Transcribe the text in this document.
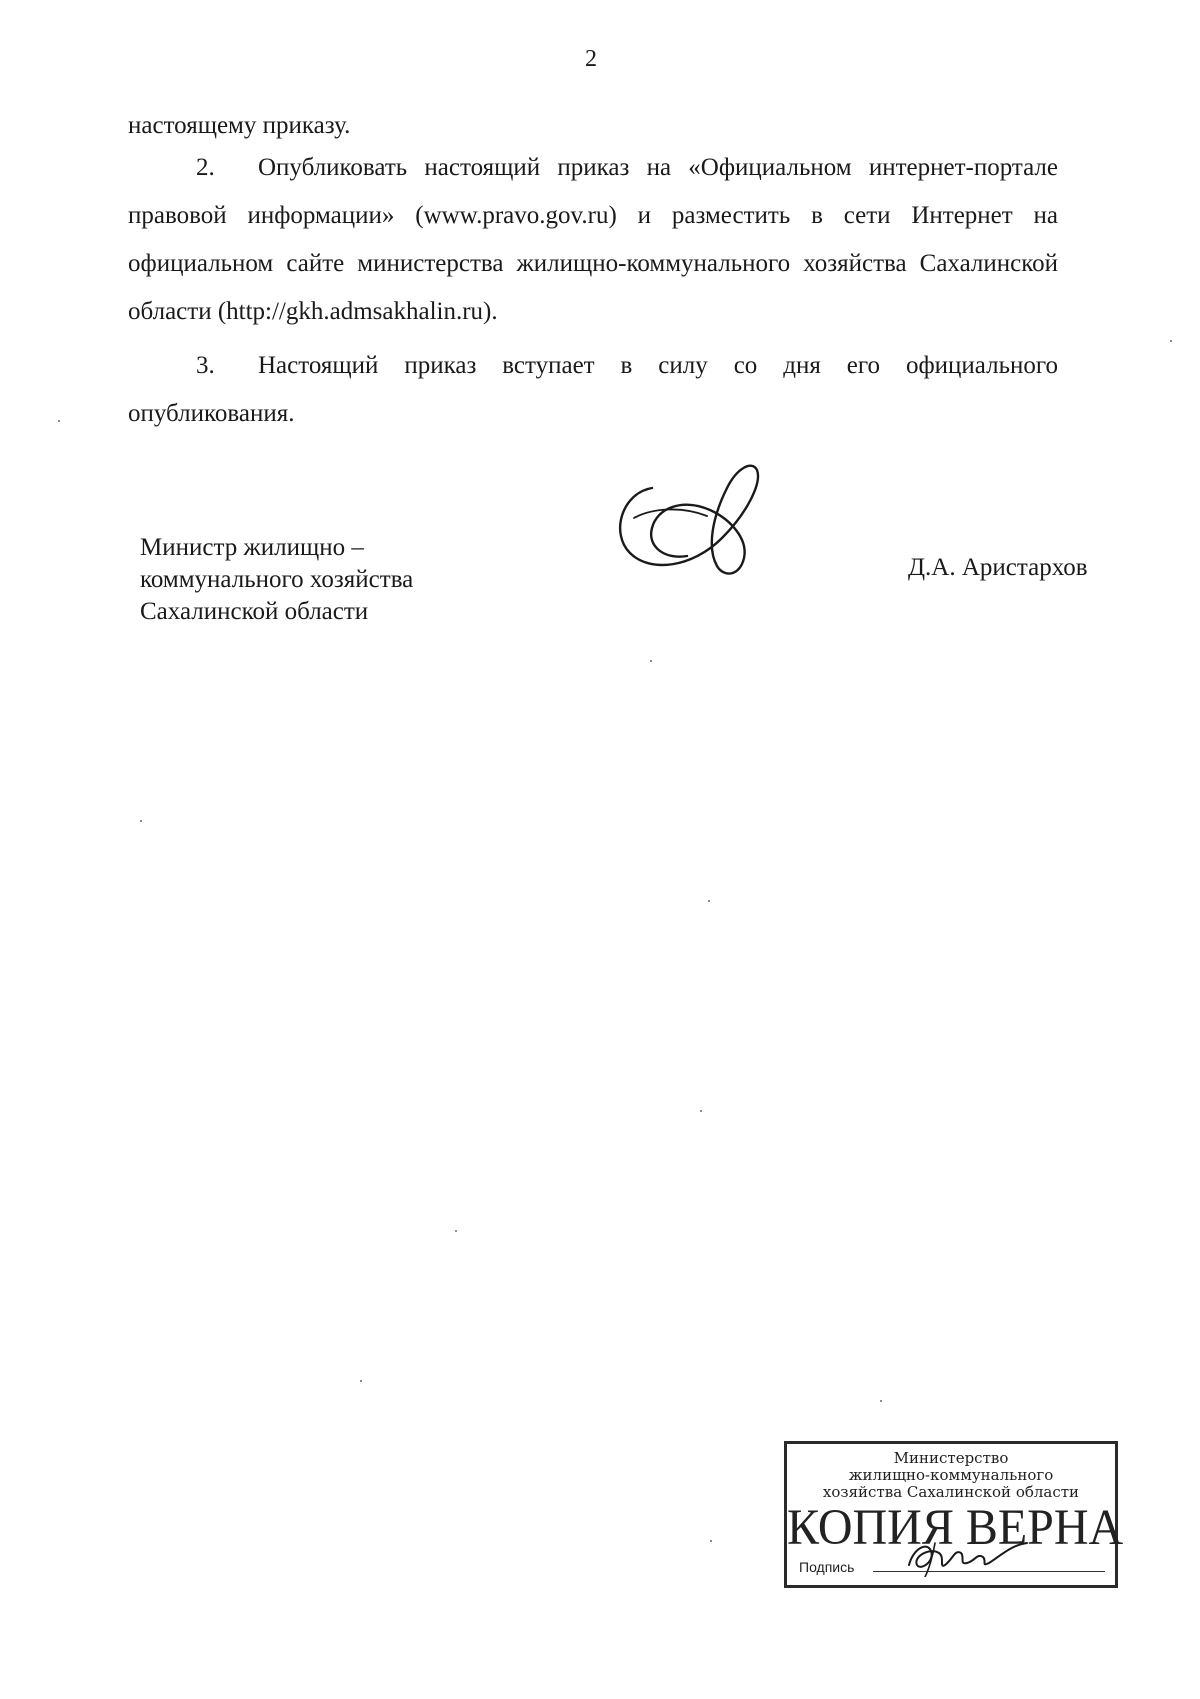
2
настоящему приказу.

2. Опубликовать настоящий приказ на «Официальном интернет-портале правовой информации» (www.pravo.gov.ru) и разместить в сети Интернет на официальном сайте министерства жилищно-коммунального хозяйства Сахалинской области (http://gkh.admsakhalin.ru).

3. Настоящий приказ вступает в силу со дня его официального опубликования.

Министр жилищно –
коммунального хозяйства
Сахалинской области
Д.А. Аристархов
Министерство
жилищно-коммунального
хозяйства Сахалинской области
КОПИЯ ВЕРНА
Подпись
